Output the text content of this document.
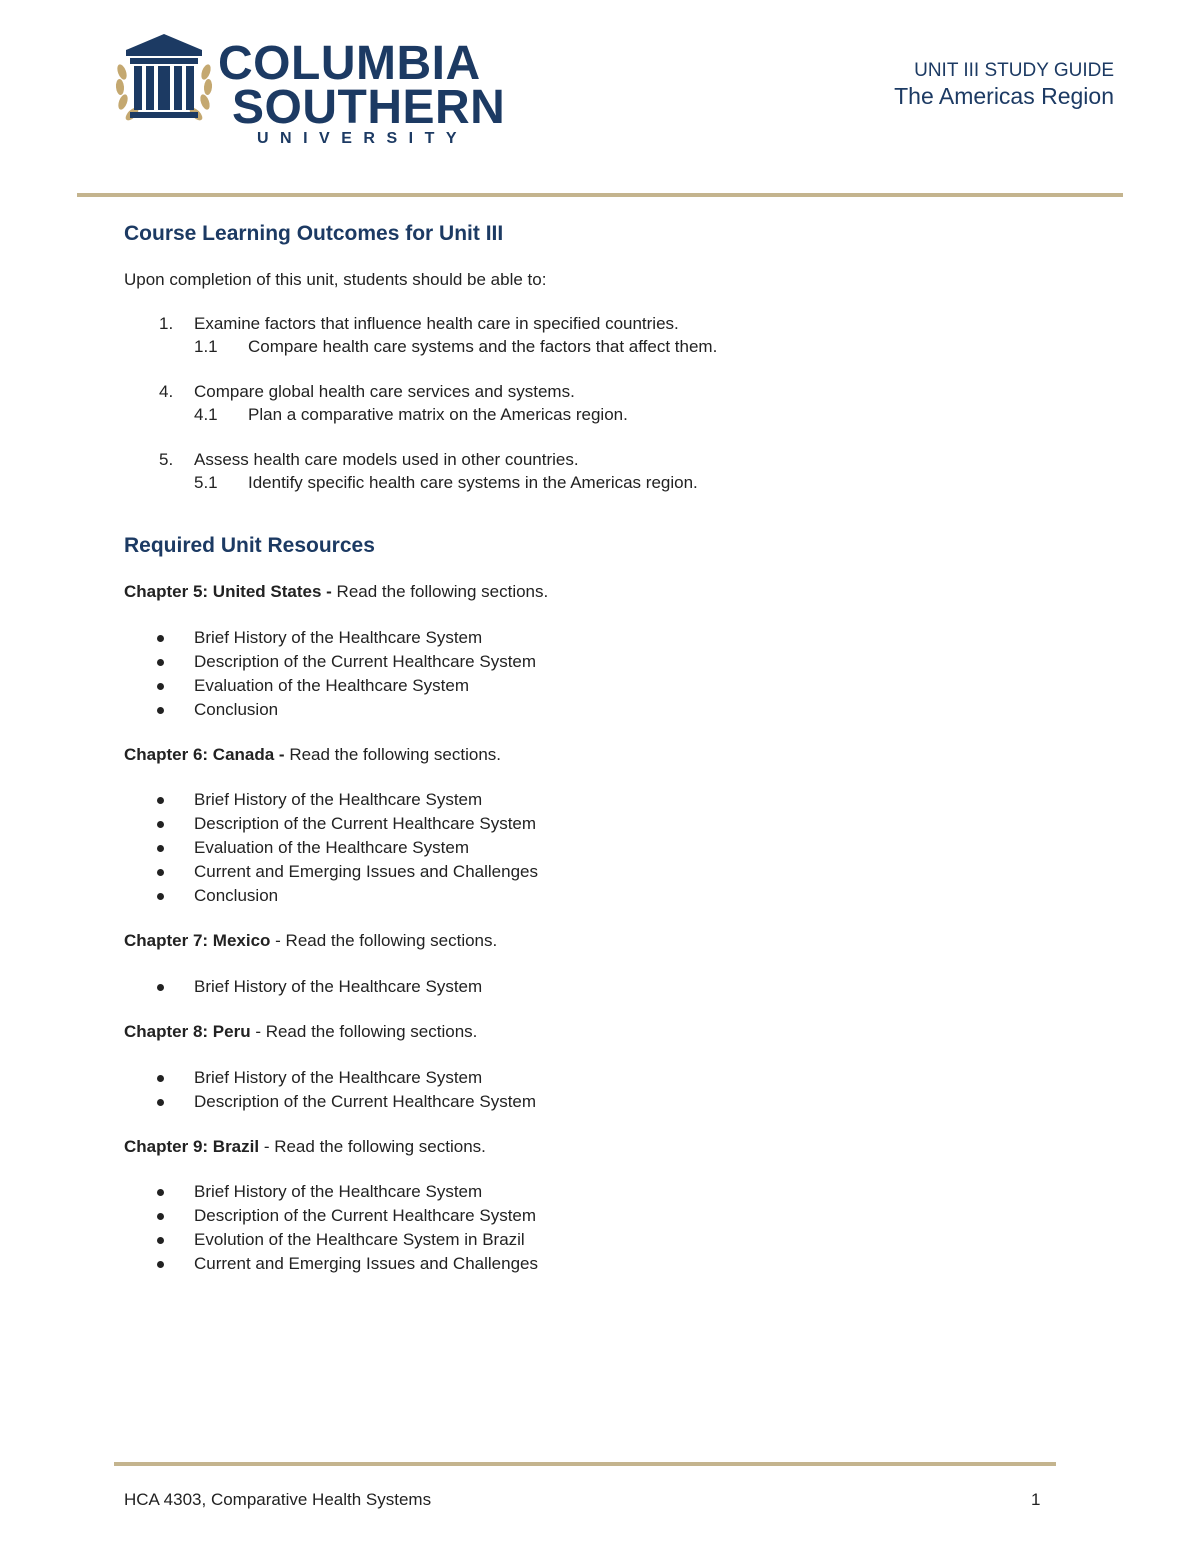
COLUMBIA
SOUTHERN
UNIVERSITY
UNIT III STUDY GUIDE
The Americas Region
Course Learning Outcomes for Unit III
Upon completion of this unit, students should be able to:
1. Examine factors that influence health care in specified countries.
1.1 Compare health care systems and the factors that affect them.
4. Compare global health care services and systems.
4.1 Plan a comparative matrix on the Americas region.
5. Assess health care models used in other countries.
5.1 Identify specific health care systems in the Americas region.
Required Unit Resources
Chapter 5: United States - Read the following sections.
Brief History of the Healthcare System
Description of the Current Healthcare System
Evaluation of the Healthcare System
Conclusion
Chapter 6: Canada - Read the following sections.
Brief History of the Healthcare System
Description of the Current Healthcare System
Evaluation of the Healthcare System
Current and Emerging Issues and Challenges
Conclusion
Chapter 7: Mexico - Read the following sections.
Brief History of the Healthcare System
Chapter 8: Peru - Read the following sections.
Brief History of the Healthcare System
Description of the Current Healthcare System
Chapter 9: Brazil - Read the following sections.
Brief History of the Healthcare System
Description of the Current Healthcare System
Evolution of the Healthcare System in Brazil
Current and Emerging Issues and Challenges
HCA 4303, Comparative Health Systems	1
